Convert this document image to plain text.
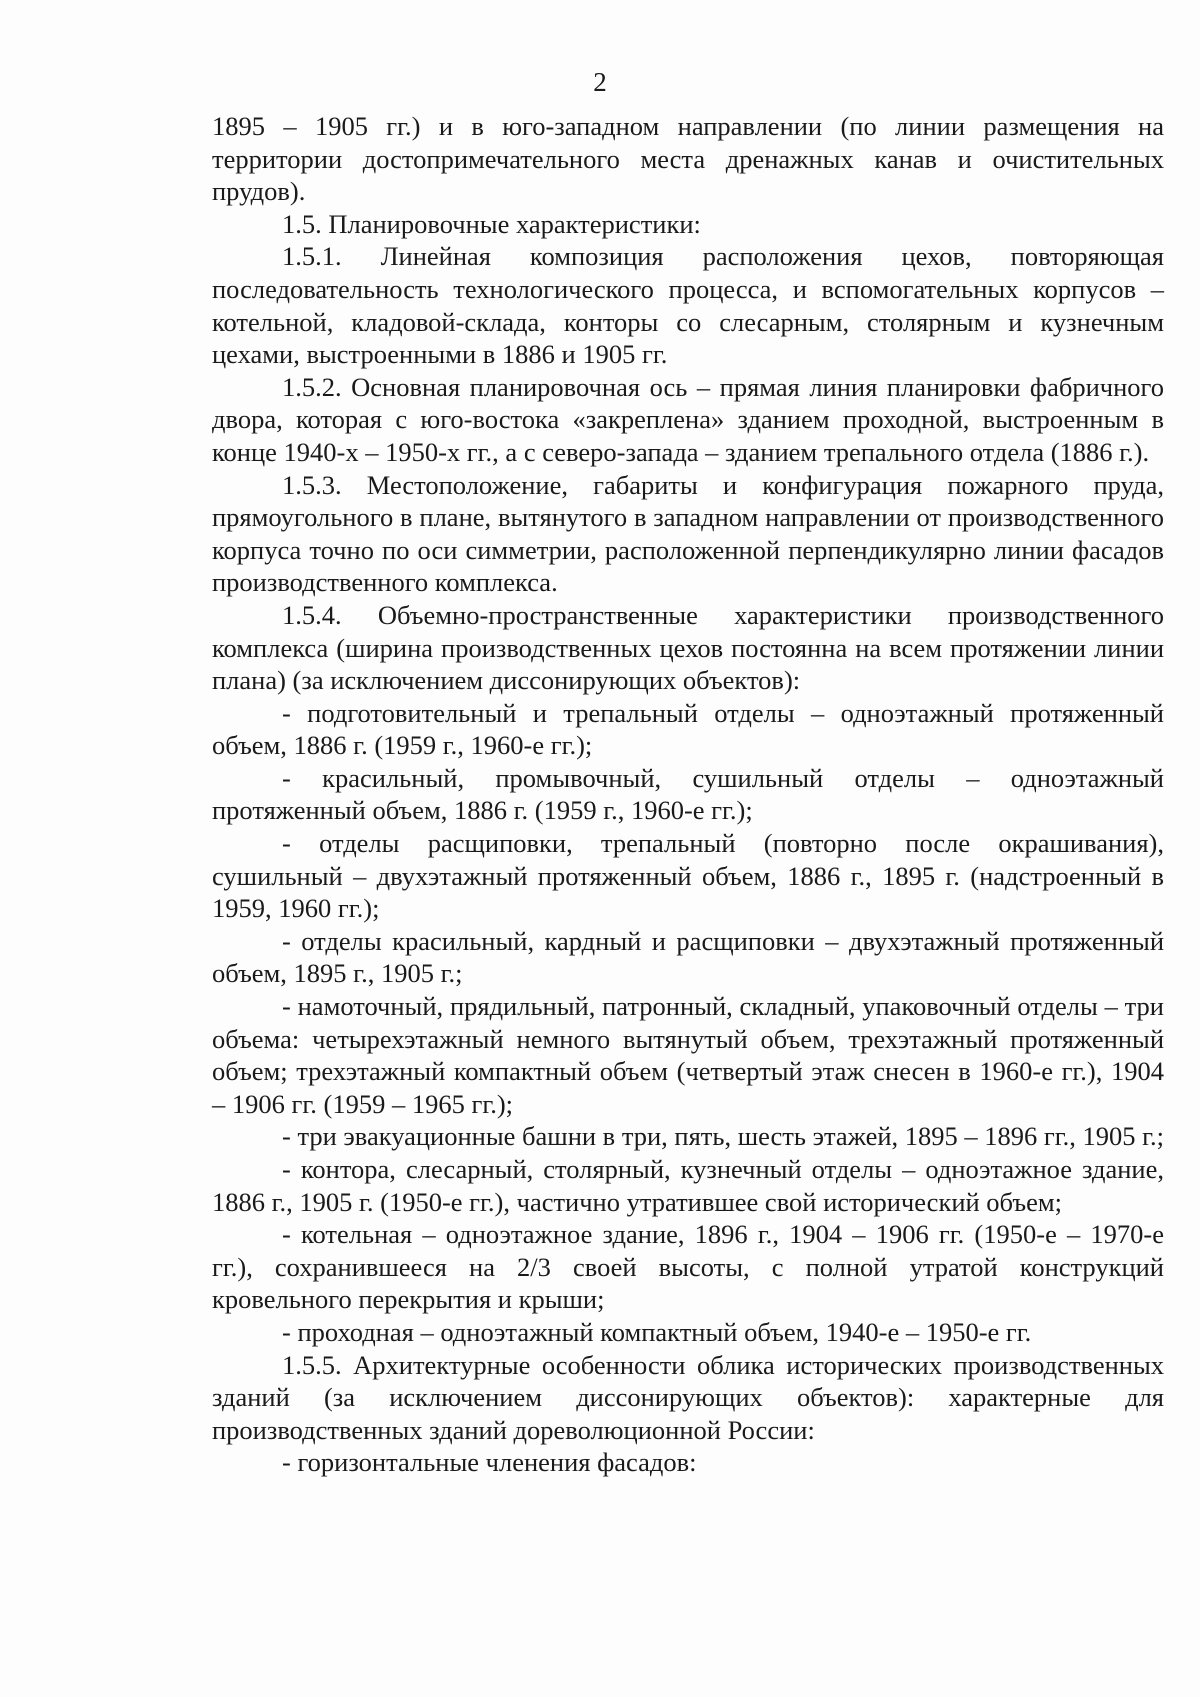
2

1895 – 1905 гг.) и в юго-западном направлении (по линии размещения на территории достопримечательного места дренажных канав и очистительных прудов).

1.5. Планировочные характеристики:

1.5.1. Линейная композиция расположения цехов, повторяющая последовательность технологического процесса, и вспомогательных корпусов – котельной, кладовой-склада, конторы со слесарным, столярным и кузнечным цехами, выстроенными в 1886 и 1905 гг.

1.5.2. Основная планировочная ось – прямая линия планировки фабричного двора, которая с юго-востока «закреплена» зданием проходной, выстроенным в конце 1940-х – 1950-х гг., а с северо-запада – зданием трепального отдела (1886 г.).

1.5.3. Местоположение, габариты и конфигурация пожарного пруда, прямоугольного в плане, вытянутого в западном направлении от производственного корпуса точно по оси симметрии, расположенной перпендикулярно линии фасадов производственного комплекса.

1.5.4. Объемно-пространственные характеристики производственного комплекса (ширина производственных цехов постоянна на всем протяжении линии плана) (за исключением диссонирующих объектов):

- подготовительный и трепальный отделы – одноэтажный протяженный объем, 1886 г. (1959 г., 1960-е гг.);

- красильный, промывочный, сушильный отделы – одноэтажный протяженный объем, 1886 г. (1959 г., 1960-е гг.);

- отделы расщиповки, трепальный (повторно после окрашивания), сушильный – двухэтажный протяженный объем, 1886 г., 1895 г. (надстроенный в 1959, 1960 гг.);

- отделы красильный, кардный и расщиповки – двухэтажный протяженный объем, 1895 г., 1905 г.;

- намоточный, прядильный, патронный, складный, упаковочный отделы – три объема: четырехэтажный немного вытянутый объем, трехэтажный протяженный объем; трехэтажный компактный объем (четвертый этаж снесен в 1960-е гг.), 1904 – 1906 гг. (1959 – 1965 гг.);

- три эвакуационные башни в три, пять, шесть этажей, 1895 – 1896 гг., 1905 г.;

- контора, слесарный, столярный, кузнечный отделы – одноэтажное здание, 1886 г., 1905 г. (1950-е гг.), частично утратившее свой исторический объем;

- котельная – одноэтажное здание, 1896 г., 1904 – 1906 гг. (1950-е – 1970-е гг.), сохранившееся на 2/3 своей высоты, с полной утратой конструкций кровельного перекрытия и крыши;

- проходная – одноэтажный компактный объем, 1940-е – 1950-е гг.

1.5.5. Архитектурные особенности облика исторических производственных зданий (за исключением диссонирующих объектов): характерные для производственных зданий дореволюционной России:

- горизонтальные членения фасадов:
